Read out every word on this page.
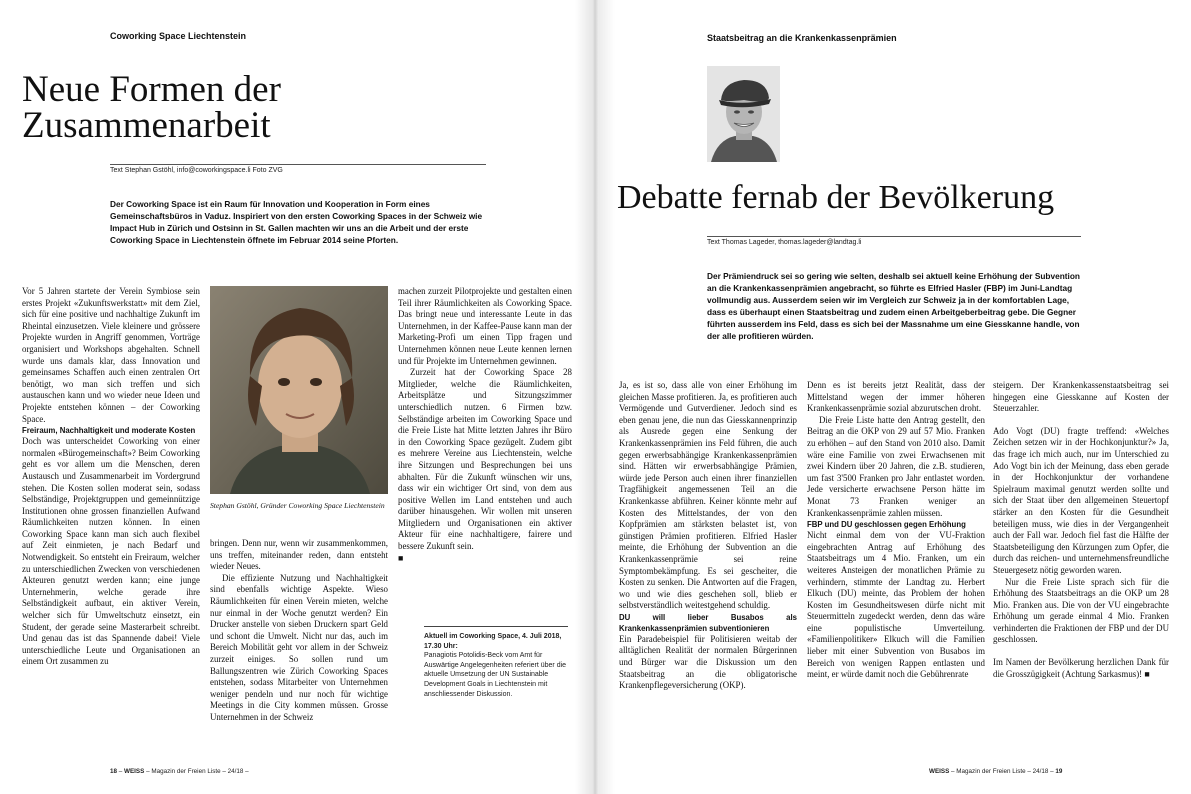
Coworking Space Liechtenstein
Neue Formen der
Zusammenarbeit
Text Stephan Gstöhl, info@coworkingspace.li Foto ZVG
Der Coworking Space ist ein Raum für Innovation und Kooperation in Form eines Gemeinschaftsbüros in Vaduz. Inspiriert von den ersten Coworking Spaces in der Schweiz wie Impact Hub in Zürich und Ostsinn in St. Gallen machten wir uns an die Arbeit und der erste Coworking Space in Liechtenstein öffnete im Februar 2014 seine Pforten.

Vor 5 Jahren startete der Verein Symbiose sein erstes Projekt «Zukunftswerkstatt» mit dem Ziel, sich für eine positive und nachhaltige Zukunft im Rheintal einzusetzen. Viele kleinere und grössere Projekte wurden in Angriff genommen, Vorträge organisiert und Workshops abgehalten. Schnell wurde uns damals klar, dass Innovation und gemeinsames Schaffen auch einen zentralen Ort benötigt, wo man sich treffen und sich austauschen kann und wo wieder neue Ideen und Projekte entstehen können – der Coworking Space.

Freiraum, Nachhaltigkeit und moderate Kosten

Doch was unterscheidet Coworking von einer normalen «Bürogemeinschaft»? Beim Coworking geht es vor allem um die Menschen, deren Austausch und Zusammenarbeit im Vordergrund stehen. Die Kosten sollen moderat sein, sodass Selbständige, Projektgruppen und gemeinnützige Institutionen ohne grossen finanziellen Aufwand Räumlichkeiten nutzen können. In einen Coworking Space kann man sich auch flexibel auf Zeit einmieten, je nach Bedarf und Notwendigkeit. So entsteht ein Freiraum, welcher zu unterschiedlichen Zwecken von verschiedenen Akteuren genutzt werden kann; eine junge Unternehmerin, welche gerade ihre Selbständigkeit aufbaut, ein aktiver Verein, welcher sich für Umweltschutz einsetzt, ein Student, der gerade seine Masterarbeit schreibt. Und genau das ist das Spannende dabei! Viele unterschiedliche Leute und Organisationen an einem Ort zusammen zu

Stephan Gstöhl, Gründer Coworking Space Liechtenstein

bringen. Denn nur, wenn wir zusammenkommen, uns treffen, miteinander reden, dann entsteht wieder Neues.

Die effiziente Nutzung und Nachhaltigkeit sind ebenfalls wichtige Aspekte. Wieso Räumlichkeiten für einen Verein mieten, welche nur einmal in der Woche genutzt werden? Ein Drucker anstelle von sieben Druckern spart Geld und schont die Umwelt. Nicht nur das, auch im Bereich Mobilität geht vor allem in der Schweiz zurzeit einiges. So sollen rund um Ballungszentren wie Zürich Coworking Spaces entstehen, sodass Mitarbeiter von Unternehmen weniger pendeln und nur noch für wichtige Meetings in die City kommen müssen. Grosse Unternehmen in der Schweiz

machen zurzeit Pilotprojekte und gestalten einen Teil ihrer Räumlichkeiten als Coworking Space. Das bringt neue und interessante Leute in das Unternehmen, in der Kaffee-Pause kann man der Marketing-Profi um einen Tipp fragen und Unternehmen können neue Leute kennen lernen und für Projekte im Unternehmen gewinnen.

Zurzeit hat der Coworking Space 28 Mitglieder, welche die Räumlichkeiten, Arbeitsplätze und Sitzungszimmer unterschiedlich nutzen. 6 Firmen bzw. Selbständige arbeiten im Coworking Space und die Freie Liste hat Mitte letzten Jahres ihr Büro in den Coworking Space gezügelt. Zudem gibt es mehrere Vereine aus Liechtenstein, welche ihre Sitzungen und Besprechungen bei uns abhalten. Für die Zukunft wünschen wir uns, dass wir ein wichtiger Ort sind, von dem aus positive Wellen im Land entstehen und auch darüber hinausgehen. Wir wollen mit unseren Mitgliedern und Organisationen ein aktiver Akteur für eine nachhaltigere, fairere und bessere Zukunft sein.

■

Aktuell im Coworking Space, 4. Juli 2018, 17.30 Uhr:
Panagiotis Potolidis-Beck vom Amt für Auswärtige Angelegenheiten referiert über die aktuelle Umsetzung der UN Sustainable Development Goals in Liechtenstein mit anschliessender Diskussion.
18 – WEISS – Magazin der Freien Liste – 24/18 –
Staatsbeitrag an die Krankenkassenprämien
Debatte fernab der Bevölkerung
Text Thomas Lageder, thomas.lageder@landtag.li
Der Prämiendruck sei so gering wie selten, deshalb sei aktuell keine Erhöhung der Subvention an die Krankenkassenprämien angebracht, so führte es Elfried Hasler (FBP) im Juni-Landtag vollmundig aus. Ausserdem seien wir im Vergleich zur Schweiz ja in der komfortablen Lage, dass es überhaupt einen Staatsbeitrag und zudem einen Arbeitgeberbeitrag gebe. Die Gegner führten ausserdem ins Feld, dass es sich bei der Massnahme um eine Giesskanne handle, von der alle profitieren würden.

Ja, es ist so, dass alle von einer Erhöhung im gleichen Masse profitieren. Ja, es profitieren auch Vermögende und Gutverdiener. Jedoch sind es eben genau jene, die nun das Giesskannenprinzip als Ausrede gegen eine Senkung der Krankenkassenprämien ins Feld führen, die auch gegen erwerbsabhängige Krankenkassenprämien sind. Hätten wir erwerbsabhängige Prämien, würde jede Person auch einen ihrer finanziellen Tragfähigkeit angemessenen Teil an die Krankenkasse abführen. Keiner könnte mehr auf Kosten des Mittelstandes, der von den Kopfprämien am stärksten belastet ist, von günstigen Prämien profitieren. Elfried Hasler meinte, die Erhöhung der Subvention an die Krankenkassenprämie sei reine Symptombekämpfung. Es sei gescheiter, die Kosten zu senken. Die Antworten auf die Fragen, wo und wie dies geschehen soll, blieb er selbstverständlich weitestgehend schuldig.

DU will lieber Busabos als Krankenkassenprämien subventionieren

Ein Paradebeispiel für Politisieren weitab der alltäglichen Realität der normalen Bürgerinnen und Bürger war die Diskussion um den Staatsbeitrag an die obligatorische Krankenpflegeversicherung (OKP).

Denn es ist bereits jetzt Realität, dass der Mittelstand wegen der immer höheren Krankenkassenprämie sozial abzurutschen droht.

Die Freie Liste hatte den Antrag gestellt, den Beitrag an die OKP von 29 auf 57 Mio. Franken zu erhöhen – auf den Stand von 2010 also. Damit wäre eine Familie von zwei Erwachsenen mit zwei Kindern über 20 Jahren, die z.B. studieren, um fast 3'500 Franken pro Jahr entlastet worden. Jede versicherte erwachsene Person hätte im Monat 73 Franken weniger an Krankenkassenprämie zahlen müssen.

FBP und DU geschlossen gegen Erhöhung

Nicht einmal dem von der VU-Fraktion eingebrachten Antrag auf Erhöhung des Staatsbeitrags um 4 Mio. Franken, um ein weiteres Ansteigen der monatlichen Prämie zu verhindern, stimmte der Landtag zu. Herbert Elkuch (DU) meinte, das Problem der hohen Kosten im Gesundheitswesen dürfe nicht mit Steuermitteln zugedeckt werden, denn das wäre eine populistische Umverteilung. «Familienpolitiker» Elkuch will die Familien lieber mit einer Subvention von Busabos im Bereich von wenigen Rappen entlasten und meint, er würde damit noch die Gebührenrate

steigern. Der Krankenkassenstaatsbeitrag sei hingegen eine Giesskanne auf Kosten der Steuerzahler.

Ado Vogt (DU) fragte treffend: «Welches Zeichen setzen wir in der Hochkonjunktur?» Ja, das frage ich mich auch, nur im Unterschied zu Ado Vogt bin ich der Meinung, dass eben gerade in der Hochkonjunktur der vorhandene Spielraum maximal genutzt werden sollte und sich der Staat über den allgemeinen Steuertopf stärker an den Kosten für die Gesundheit beteiligen muss, wie dies in der Vergangenheit auch der Fall war. Jedoch fiel fast die Hälfte der Staatsbeteiligung den Kürzungen zum Opfer, die durch das reichen- und unternehmensfreundliche Steuergesetz nötig geworden waren.

Nur die Freie Liste sprach sich für die Erhöhung des Staatsbeitrags an die OKP um 28 Mio. Franken aus. Die von der VU eingebrachte Erhöhung um gerade einmal 4 Mio. Franken verhinderten die Fraktionen der FBP und der DU geschlossen.

Im Namen der Bevölkerung herzlichen Dank für die Grosszügigkeit (Achtung Sarkasmus)! ■

WEISS – Magazin der Freien Liste – 24/18 – 19
